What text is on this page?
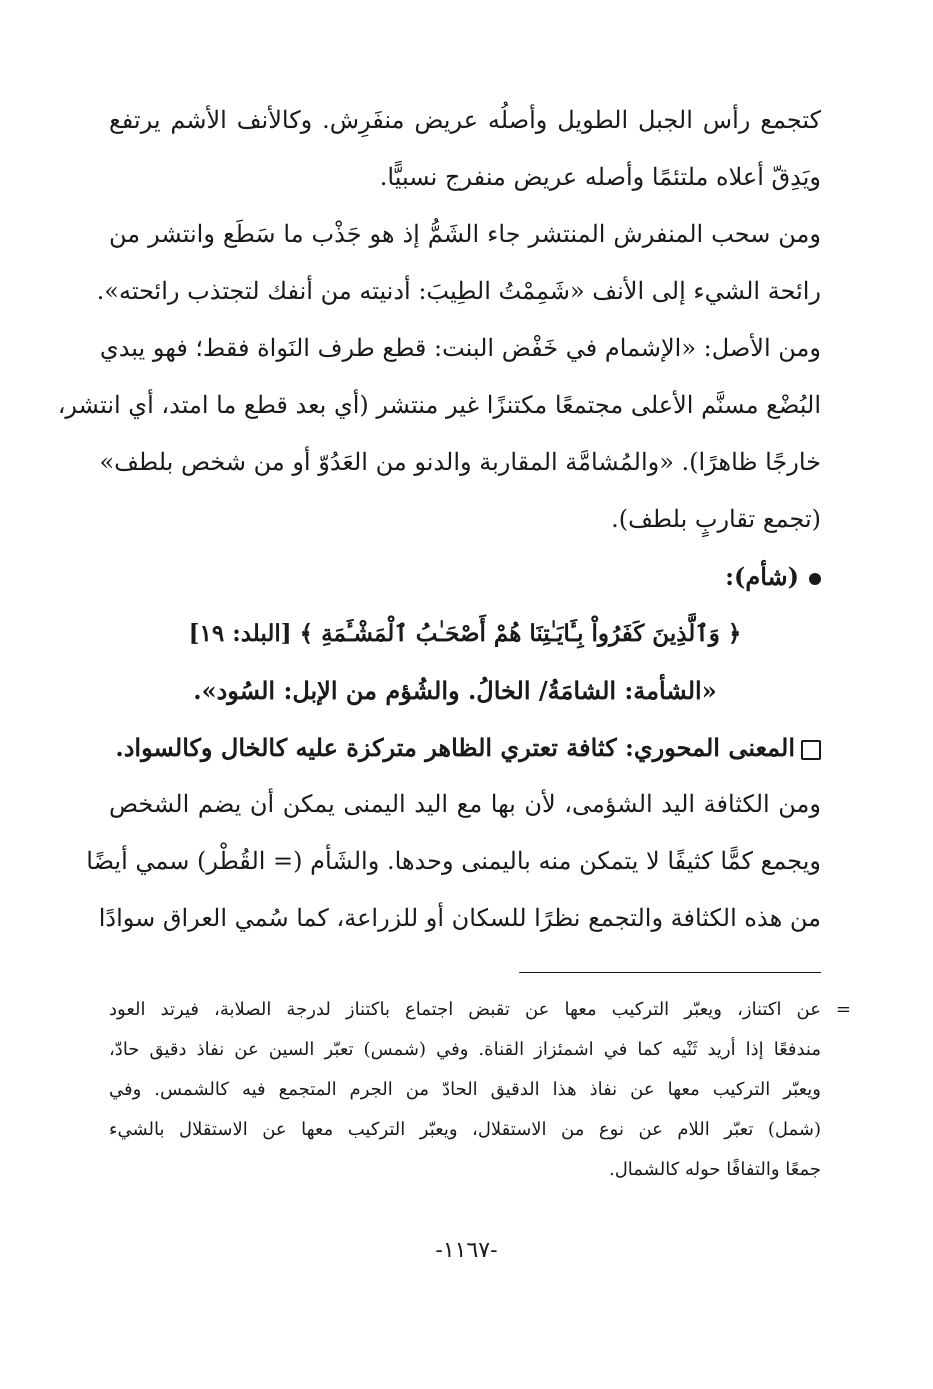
كتجمع رأس الجبل الطويل وأصلُه عريض منفَرِش. وكالأنف الأشم يرتفع
ويَدِقّ أعلاه ملتئمًا وأصله عريض منفرج نسبيًّا.
ومن سحب المنفرش المنتشر جاء الشَمُّ إذ هو جَذْب ما سَطَع وانتشر من
رائحة الشيء إلى الأنف «شَمِمْتُ الطِيبَ: أدنيته من أنفك لتجتذب رائحته».
ومن الأصل: «الإشمام في خَفْض البنت: قطع طرف النَواة فقط؛ فهو يبدي
البُضْع مسنَّم الأعلى مجتمعًا مكتنزًا غير منتشر (أي بعد قطع ما امتد، أي انتشر،
خارجًا ظاهرًا). «والمُشامَّة المقاربة والدنو من العَدُوّ أو من شخص بلطف»
(تجمع تقاربٍ بلطف).
(شأم):
﴿ وَٱلَّذِينَ كَفَرُواْ بِـَٔايَـٰتِنَا هُمْ أَصْحَـٰبُ ٱلْمَشْـَٔمَةِ ﴾ [البلد: ١٩]
«الشأمة: الشامَةُ/ الخالُ. والشُؤم من الإبل: السُود».
المعنى المحوري: كثافة تعتري الظاهر متركزة عليه كالخال وكالسواد.
ومن الكثافة اليد الشؤمى، لأن بها مع اليد اليمنى يمكن أن يضم الشخص
ويجمع كمًّا كثيفًا لا يتمكن منه باليمنى وحدها. والشَأم (= القُطْر) سمي أيضًا
من هذه الكثافة والتجمع نظرًا للسكان أو للزراعة، كما سُمي العراق سوادًا
=
عن اكتناز، ويعبّر التركيب معها عن تقبض اجتماع باكتناز لدرجة الصلابة، فيرتد العود
مندفعًا إذا أريد ثَنْيه كما في اشمئزاز القناة. وفي (شمس) تعبّر السين عن نفاذ دقيق حادّ،
ويعبّر التركيب معها عن نفاذ هذا الدقيق الحادّ من الجرم المتجمع فيه كالشمس. وفي
(شمل) تعبّر اللام عن نوع من الاستقلال، ويعبّر التركيب معها عن الاستقلال بالشيء
جمعًا والتفافًا حوله كالشمال.
-١١٦٧-
